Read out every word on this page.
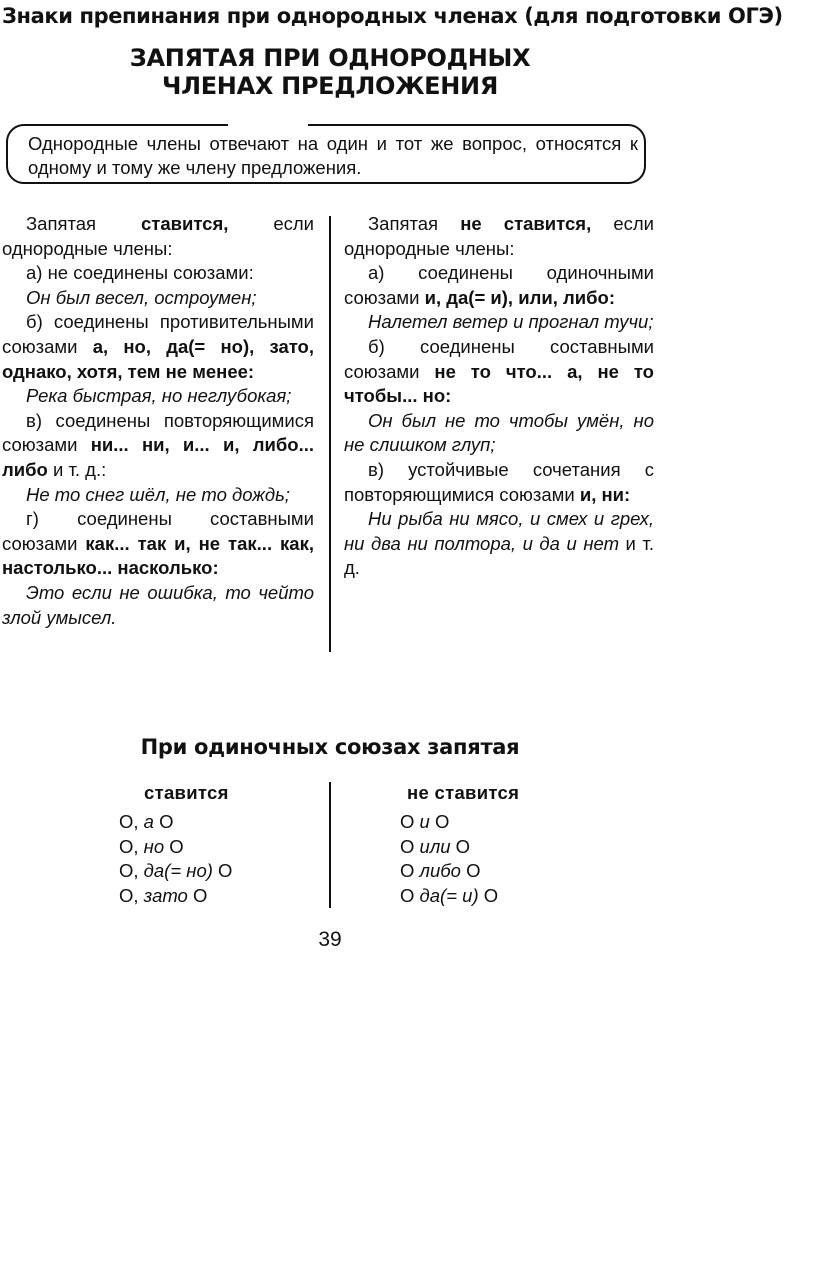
Знаки препинания при однородных членах (для подготовки ОГЭ)
ЗАПЯТАЯ ПРИ ОДНОРОДНЫХ
ЧЛЕНАХ ПРЕДЛОЖЕНИЯ
Однородные члены отвечают на один и тот же вопрос, относятся к одному и тому же члену предложения.

Запятая ставится, если однородные члены:

а) не соединены союзами:

Он был весел, остроумен;

б) соединены противительными союзами а, но, да(= но), зато, однако, хотя, тем не менее:

Река быстрая, но неглубокая;

в) соединены повторяющимися союзами ни... ни, и... и, либо... либо и т. д.:

Не то снег шёл, не то дождь;

г) соединены составными союзами как... так и, не так... как, настолько... насколько:

Это если не ошибка, то чейто злой умысел.

Запятая не ставится, если однородные члены:

а) соединены одиночными союзами и, да(= и), или, либо:

Налетел ветер и прогнал тучи;

б) соединены составными союзами не то что... а, не то чтобы... но:

Он был не то чтобы умён, но не слишком глуп;

в) устойчивые сочетания с повторяющимися союзами и, ни:

Ни рыба ни мясо, и смех и грех, ни два ни полтора, и да и нет и т. д.

При одиночных союзах запятая
ставится	не ставится
О, а О
О, но О
О, да(= но) О
О, зато О
О и О
О или О
О либо О
О да(= и) О
39
